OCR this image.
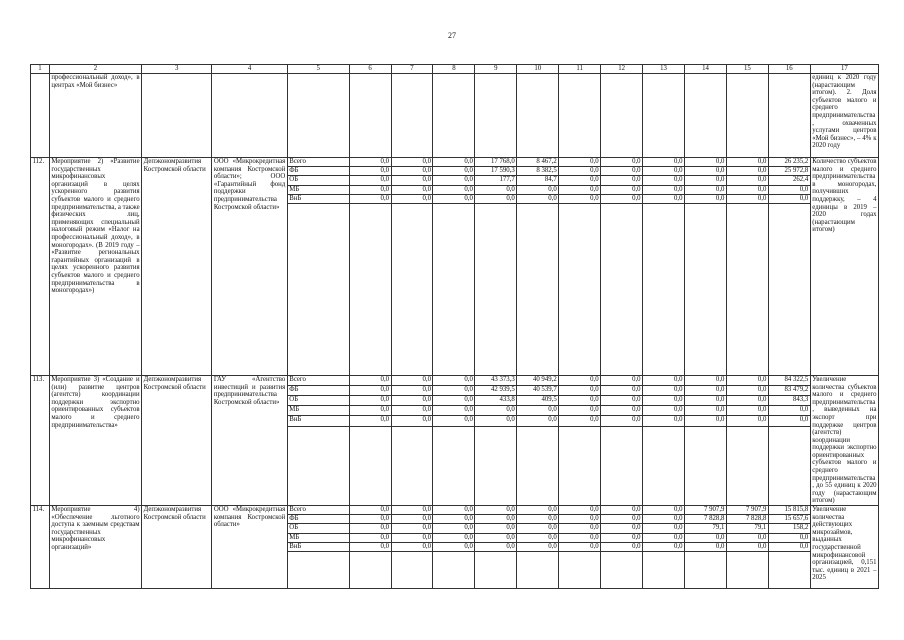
27
1	2	3	4	5	6	7	8	9	10	11	12	13	14	15	16	17
	профессиональный доход», в центрах «Мой бизнес»															единиц к 2020 году (нарастающим итогом). 2. Доля субъектов малого и среднего предпринимательства, охваченных услугами центров «Мой бизнес», – 4% к 2020 году
112.	Мероприятие 2) «Развитие государственных микрофинансовых организаций в целях ускоренного развития субъектов малого и среднего предпринимательства, а также физических лиц, применяющих специальный налоговый режим «Налог на профессиональный доход», в моногородах». (В 2019 году – «Развитие региональных гарантийных организаций в целях ускоренного развития субъектов малого и среднего предпринимательства в моногородах»)	Депэкономразвития Костромской области	ООО «Микрокредитная компания Костромской области»; ООО «Гарантийный фонд поддержки предпринимательства Костромской области»	Всего	0,0	0,0	0,0	17 768,0	8 467,2	0,0	0,0	0,0	0,0	0,0	26 235,2	Количество субъектов малого и среднего предпринимательства в моногородах, получивших поддержку, – 4 единицы в 2019 – 2020 годах (нарастающим итогом)
				ФБ	0,0	0,0	0,0	17 590,3	8 382,5	0,0	0,0	0,0	0,0	0,0	25 972,8	
				ОБ	0,0	0,0	0,0	177,7	84,7	0,0	0,0	0,0	0,0	0,0	262,4	
				МБ	0,0	0,0	0,0	0,0	0,0	0,0	0,0	0,0	0,0	0,0	0,0	
				ВнБ	0,0	0,0	0,0	0,0	0,0	0,0	0,0	0,0	0,0	0,0	0,0	

113.	Мероприятие 3) «Создание и (или) развитие центров (агентств) координации поддержки экспортно ориентированных субъектов малого и среднего предпринимательства»	Депэкономразвития Костромской области	ГАУ «Агентство инвестиций и развития предпринимательства Костромской области»	Всего	0,0	0,0	0,0	43 373,3	40 949,2	0,0	0,0	0,0	0,0	0,0	84 322,5	Увеличение количества субъектов малого и среднего предпринимательства, выведенных на экспорт при поддержке центров (агентств) координации поддержки экспортно ориентированных субъектов малого и среднего предпринимательства, до 55 единиц к 2020 году (нарастающим итогом)
				ФБ	0,0	0,0	0,0	42 939,5	40 539,7	0,0	0,0	0,0	0,0	0,0	83 479,2	
				ОБ	0,0	0,0	0,0	433,8	409,5	0,0	0,0	0,0	0,0	0,0	843,3	
				МБ	0,0	0,0	0,0	0,0	0,0	0,0	0,0	0,0	0,0	0,0	0,0	
				ВнБ	0,0	0,0	0,0	0,0	0,0	0,0	0,0	0,0	0,0	0,0	0,0	

114.	Мероприятие 4) «Обеспечение льготного доступа к заемным средствам государственных микрофинансовых организаций»	Депэкономразвития Костромской области	ООО «Микрокредитная компания Костромской области»	Всего	0,0	0,0	0,0	0,0	0,0	0,0	0,0	0,0	7 907,9	7 907,9	15 815,8	Увеличение количества действующих микрозаймов, выданных государственной микрофинансовой организацией, 0,151 тыс. единиц в 2021 – 2025
				ФБ	0,0	0,0	0,0	0,0	0,0	0,0	0,0	0,0	7 828,8	7 828,8	15 657,6	
				ОБ	0,0	0,0	0,0	0,0	0,0	0,0	0,0	0,0	79,1	79,1	158,2	
				МБ	0,0	0,0	0,0	0,0	0,0	0,0	0,0	0,0	0,0	0,0	0,0	
				ВнБ	0,0	0,0	0,0	0,0	0,0	0,0	0,0	0,0	0,0	0,0	0,0	
